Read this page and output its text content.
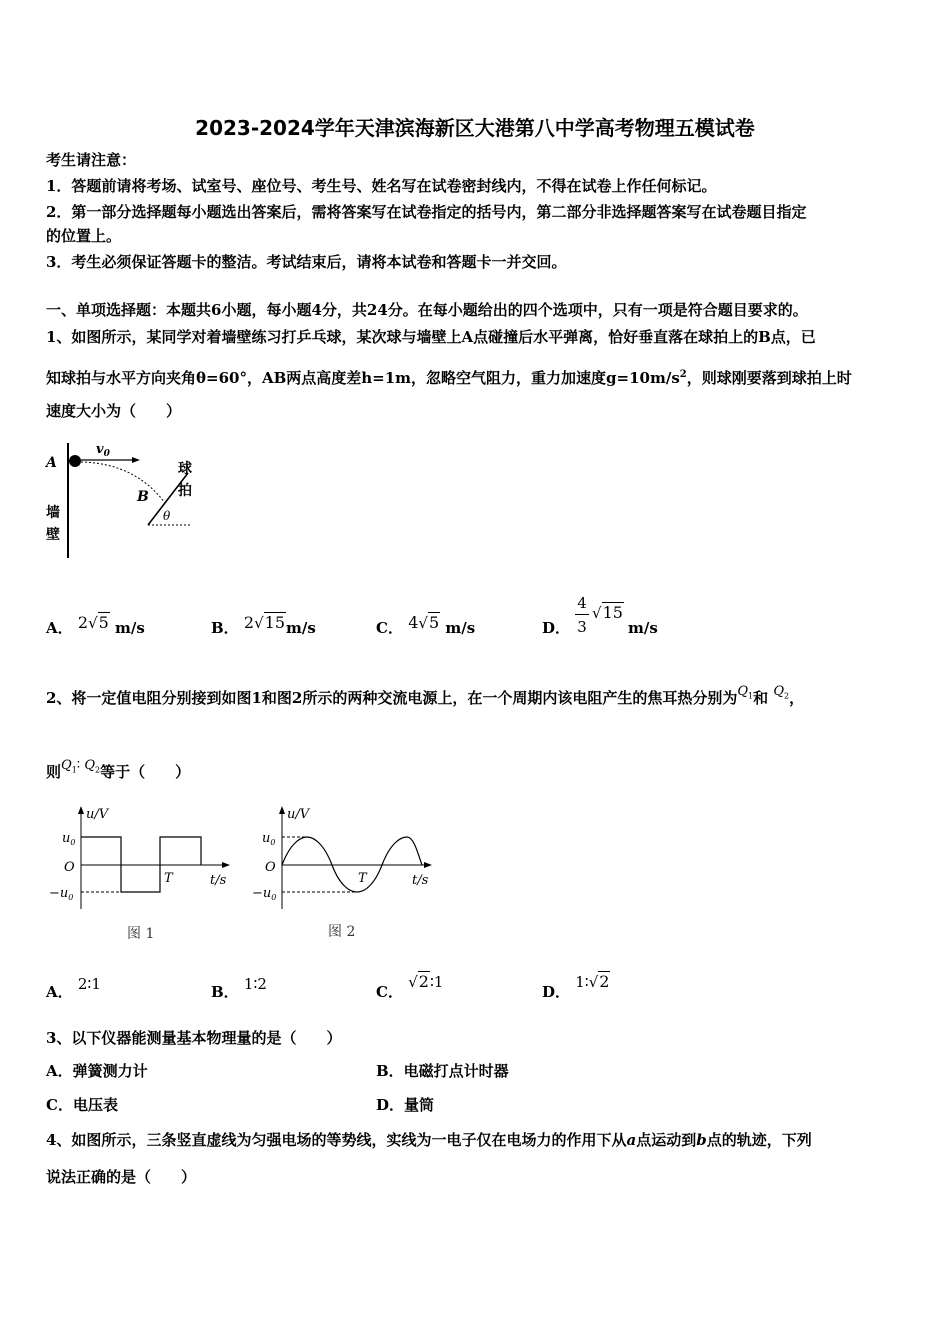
2023-2024学年天津滨海新区大港第八中学高考物理五模试卷
考生请注意：
1．答题前请将考场、试室号、座位号、考生号、姓名写在试卷密封线内，不得在试卷上作任何标记。
2．第一部分选择题每小题选出答案后，需将答案写在试卷指定的括号内，第二部分非选择题答案写在试卷题目指定
的位置上。
3．考生必须保证答题卡的整洁。考试结束后，请将本试卷和答题卡一并交回。
一、单项选择题：本题共6小题，每小题4分，共24分。在每小题给出的四个选项中，只有一项是符合题目要求的。
1、如图所示，某同学对着墙壁练习打乒乓球，某次球与墙壁上A点碰撞后水平弹离，恰好垂直落在球拍上的B点，已
知球拍与水平方向夹角θ=60°，AB两点高度差h=1m，忽略空气阻力，重力加速度$g=10m/s^2$，则球刚要落到球拍上时
速度大小为（　　）
A
$v_0$
B
θ
墙
壁
球
拍
A． 2√5 m/s	B． 2√15m/s	C． 4√5 m/s	D．
4
3
√15
m/s
2、将一定值电阻分别接到如图1和图2所示的两种交流电源上，在一个周期内该电阻产生的焦耳热分别为$Q_1$和 $Q_2$，
则$Q_1∶$ $Q_2$等于（　　）
u/V
$u_0$
O
$-u_0$
T	t/s
图 1
u/V
$u_0$
O
$-u_0$
T	t/s
图 2
A． 2∶1	B． 1∶2	C． √2∶1
D． 1∶√2
3、以下仪器能测量基本物理量的是（　　）
A．弹簧测力计	B．电磁打点计时器
C．电压表	D．量筒
4、如图所示，三条竖直虚线为匀强电场的等势线，实线为一电子仅在电场力的作用下从a点运动到b点的轨迹，下列
说法正确的是（　　）
